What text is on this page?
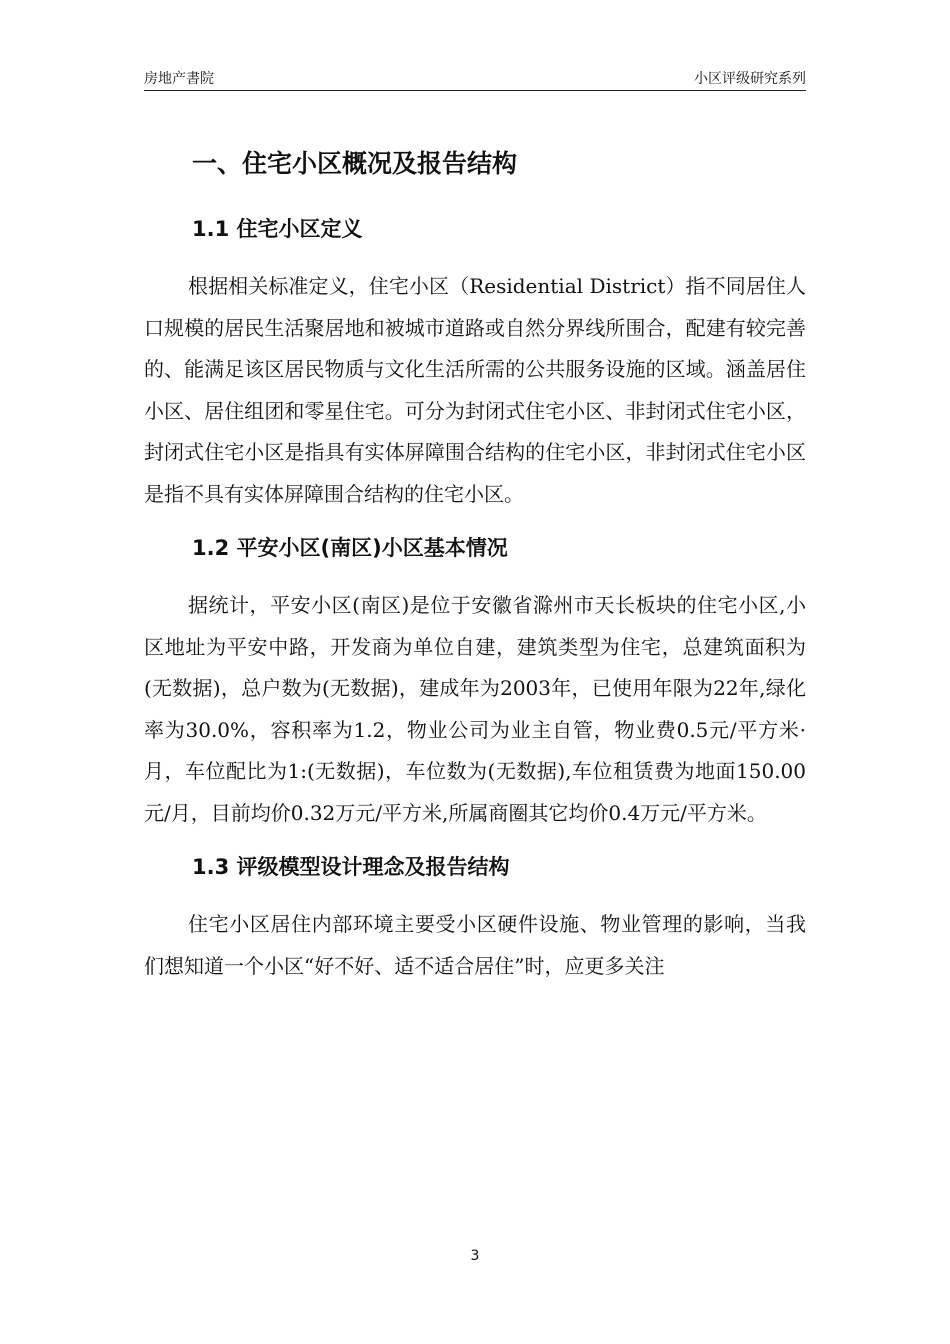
房地产書院	小区评级研究系列
一、住宅小区概况及报告结构
1.1 住宅小区定义

根据相关标准定义，住宅小区（Residential District）指不同居住人口规模的居民生活聚居地和被城市道路或自然分界线所围合，配建有较完善的、能满足该区居民物质与文化生活所需的公共服务设施的区域。涵盖居住小区、居住组团和零星住宅。可分为封闭式住宅小区、非封闭式住宅小区，封闭式住宅小区是指具有实体屏障围合结构的住宅小区，非封闭式住宅小区是指不具有实体屏障围合结构的住宅小区。

1.2 平安小区(南区)小区基本情况

据统计，平安小区(南区)是位于安徽省滁州市天长板块的住宅小区,小区地址为平安中路，开发商为单位自建，建筑类型为住宅，总建筑面积为(无数据)，总户数为(无数据)，建成年为2003年，已使用年限为22年,绿化率为30.0%，容积率为1.2，物业公司为业主自管，物业费0.5元/平方米·月，车位配比为1:(无数据)，车位数为(无数据),车位租赁费为地面150.00元/月，目前均价0.32万元/平方米,所属商圈其它均价0.4万元/平方米。

1.3 评级模型设计理念及报告结构

住宅小区居住内部环境主要受小区硬件设施、物业管理的影响，当我们想知道一个小区“好不好、适不适合居住”时，应更多关注

3
